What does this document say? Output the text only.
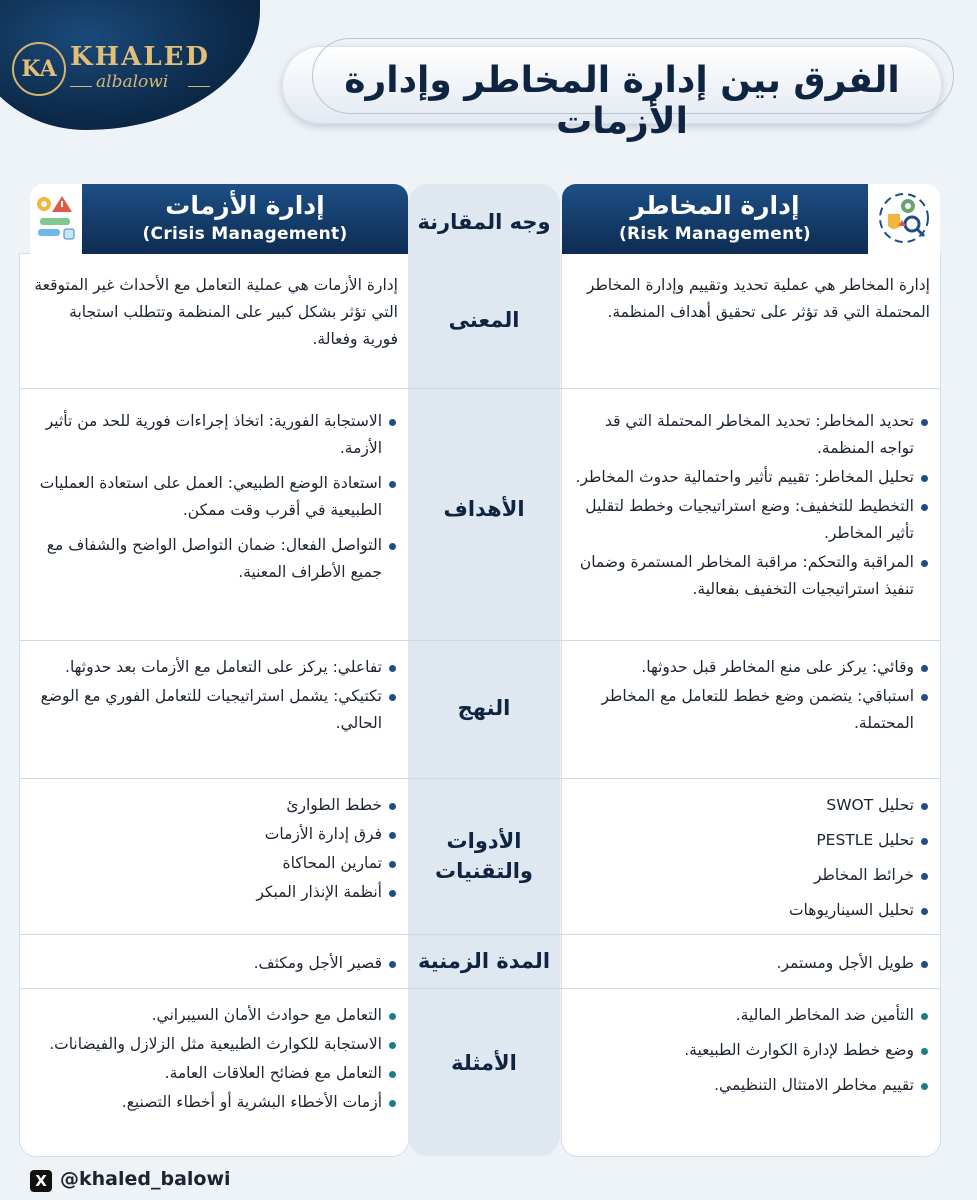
KA KHALED
albalowi	الفرق بين إدارة المخاطر وإدارة الأزمات
وجه المقارنة
إدارة الأزمات
(Crisis Management)
إدارة المخاطر
(Risk Management)
المعنى
الأهداف
النهج
الأدوات
والتقنيات
المدة الزمنية
الأمثلة

إدارة المخاطر هي عملية تحديد وتقييم وإدارة المخاطر المحتملة التي قد تؤثر على تحقيق أهداف المنظمة.

تحديد المخاطر: تحديد المخاطر المحتملة التي قد تواجه المنظمة.
تحليل المخاطر: تقييم تأثير واحتمالية حدوث المخاطر.
التخطيط للتخفيف: وضع استراتيجيات وخطط لتقليل تأثير المخاطر.
المراقبة والتحكم: مراقبة المخاطر المستمرة وضمان تنفيذ استراتيجيات التخفيف بفعالية.
وقائي: يركز على منع المخاطر قبل حدوثها.
استباقي: يتضمن وضع خطط للتعامل مع المخاطر المحتملة.
تحليل SWOT
تحليل PESTLE
خرائط المخاطر
تحليل السيناريوهات
طويل الأجل ومستمر.
التأمين ضد المخاطر المالية.
وضع خطط لإدارة الكوارث الطبيعية.
تقييم مخاطر الامتثال التنظيمي.

إدارة الأزمات هي عملية التعامل مع الأحداث غير المتوقعة التي تؤثر بشكل كبير على المنظمة وتتطلب استجابة فورية وفعالة.

الاستجابة الفورية: اتخاذ إجراءات فورية للحد من تأثير الأزمة.
استعادة الوضع الطبيعي: العمل على استعادة العمليات الطبيعية في أقرب وقت ممكن.
التواصل الفعال: ضمان التواصل الواضح والشفاف مع جميع الأطراف المعنية.
تفاعلي: يركز على التعامل مع الأزمات بعد حدوثها.
تكتيكي: يشمل استراتيجيات للتعامل الفوري مع الوضع الحالي.
خطط الطوارئ
فرق إدارة الأزمات
تمارين المحاكاة
أنظمة الإنذار المبكر
قصير الأجل ومكثف.
التعامل مع حوادث الأمان السيبراني.
الاستجابة للكوارث الطبيعية مثل الزلازل والفيضانات.
التعامل مع فضائح العلاقات العامة.
أزمات الأخطاء البشرية أو أخطاء التصنيع.
X @khaled_balowi
